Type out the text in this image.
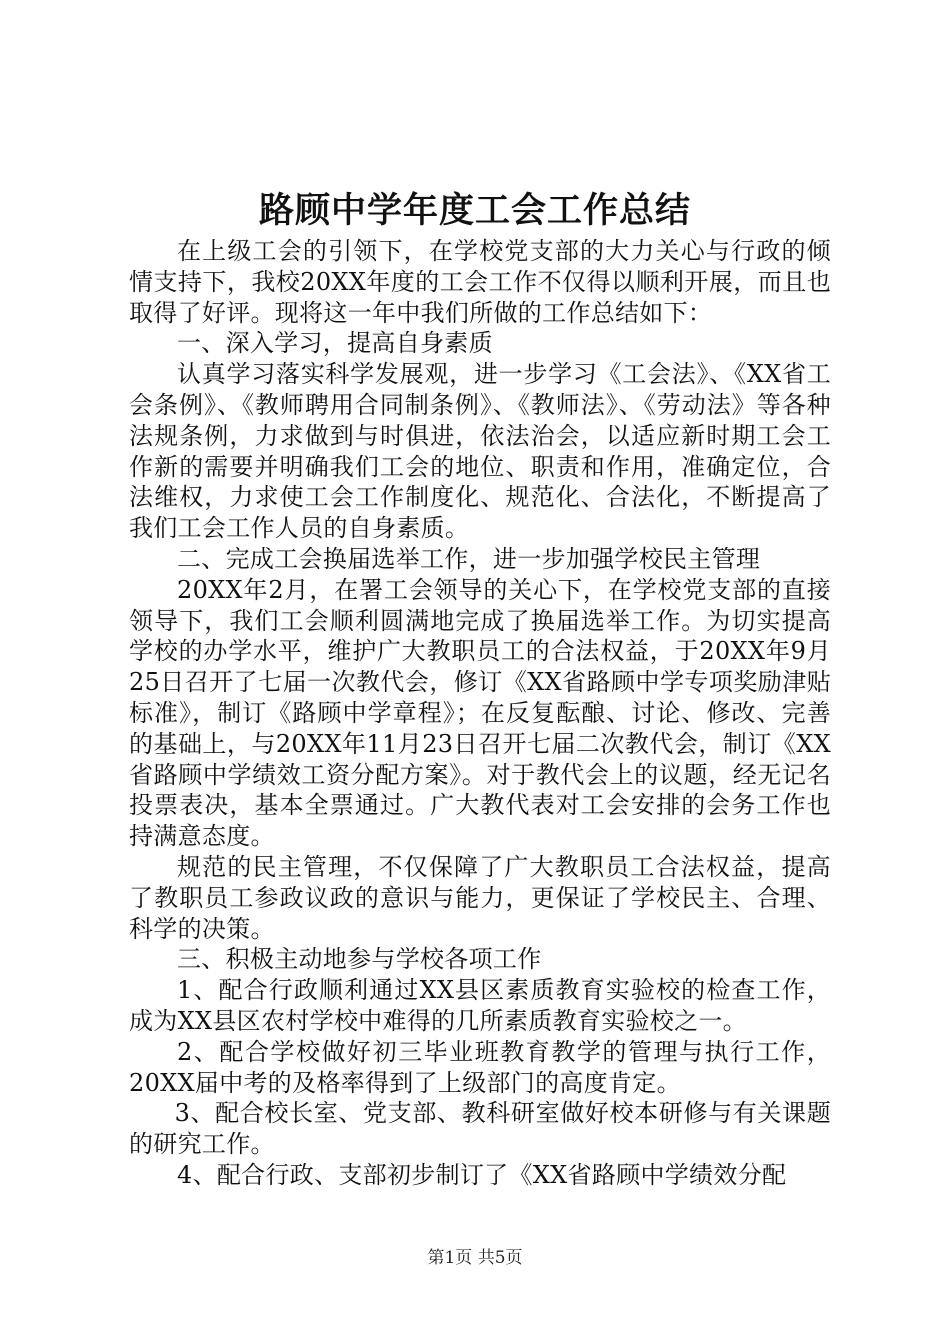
路顾中学年度工会工作总结

在上级工会的引领下，在学校党支部的大力关心与行政的倾情支持下，我校20XX年度的工会工作不仅得以顺利开展，而且也取得了好评。现将这一年中我们所做的工作总结如下：

一、深入学习，提高自身素质

认真学习落实科学发展观，进一步学习《工会法》、《XX省工会条例》、《教师聘用合同制条例》、《教师法》、《劳动法》等各种法规条例，力求做到与时俱进，依法治会，以适应新时期工会工作新的需要并明确我们工会的地位、职责和作用，准确定位，合法维权，力求使工会工作制度化、规范化、合法化，不断提高了我们工会工作人员的自身素质。

二、完成工会换届选举工作，进一步加强学校民主管理

20XX年2月，在署工会领导的关心下，在学校党支部的直接领导下，我们工会顺利圆满地完成了换届选举工作。为切实提高学校的办学水平，维护广大教职员工的合法权益，于20XX年9月25日召开了七届一次教代会，修订《XX省路顾中学专项奖励津贴标准》，制订《路顾中学章程》；在反复酝酿、讨论、修改、完善的基础上，与20XX年11月23日召开七届二次教代会，制订《XX省路顾中学绩效工资分配方案》。对于教代会上的议题，经无记名投票表决，基本全票通过。广大教代表对工会安排的会务工作也持满意态度。

规范的民主管理，不仅保障了广大教职员工合法权益，提高了教职员工参政议政的意识与能力，更保证了学校民主、合理、科学的决策。

三、积极主动地参与学校各项工作

1、配合行政顺利通过XX县区素质教育实验校的检查工作，成为XX县区农村学校中难得的几所素质教育实验校之一。

2、配合学校做好初三毕业班教育教学的管理与执行工作，20XX届中考的及格率得到了上级部门的高度肯定。

3、配合校长室、党支部、教科研室做好校本研修与有关课题的研究工作。

4、配合行政、支部初步制订了《XX省路顾中学绩效分配

第1页 共5页
